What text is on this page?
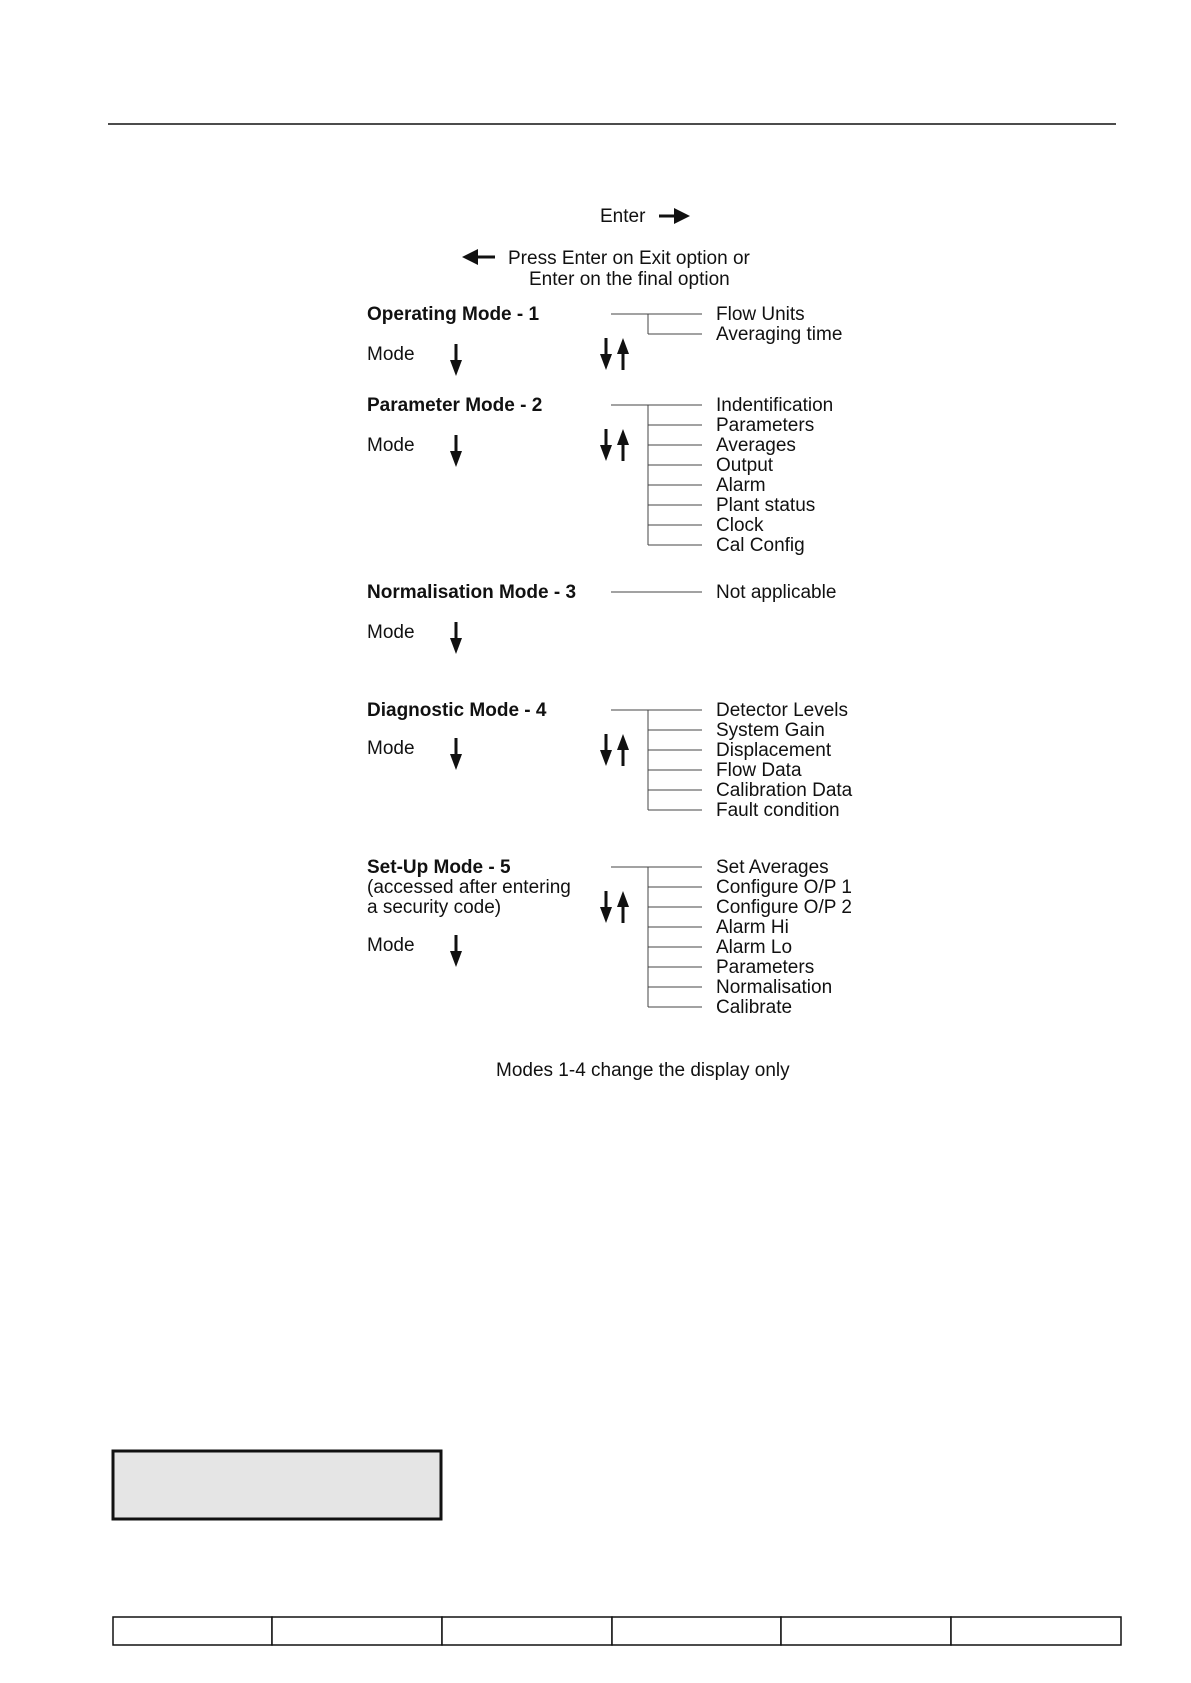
Enter
Press Enter on Exit option or
Enter on the final option
Operating Mode - 1
Mode
Flow Units
Averaging time
Parameter Mode - 2
Mode
Indentification
Parameters
Averages
Output
Alarm
Plant status
Clock
Cal Config
Normalisation Mode - 3
Mode
Not applicable
Diagnostic Mode - 4
Mode
Detector Levels
System Gain
Displacement
Flow Data
Calibration Data
Fault condition
Set-Up Mode - 5
(accessed after entering
a security code)
Mode
Set Averages
Configure O/P 1
Configure O/P 2
Alarm Hi
Alarm Lo
Parameters
Normalisation
Calibrate
Modes 1-4 change the display only
